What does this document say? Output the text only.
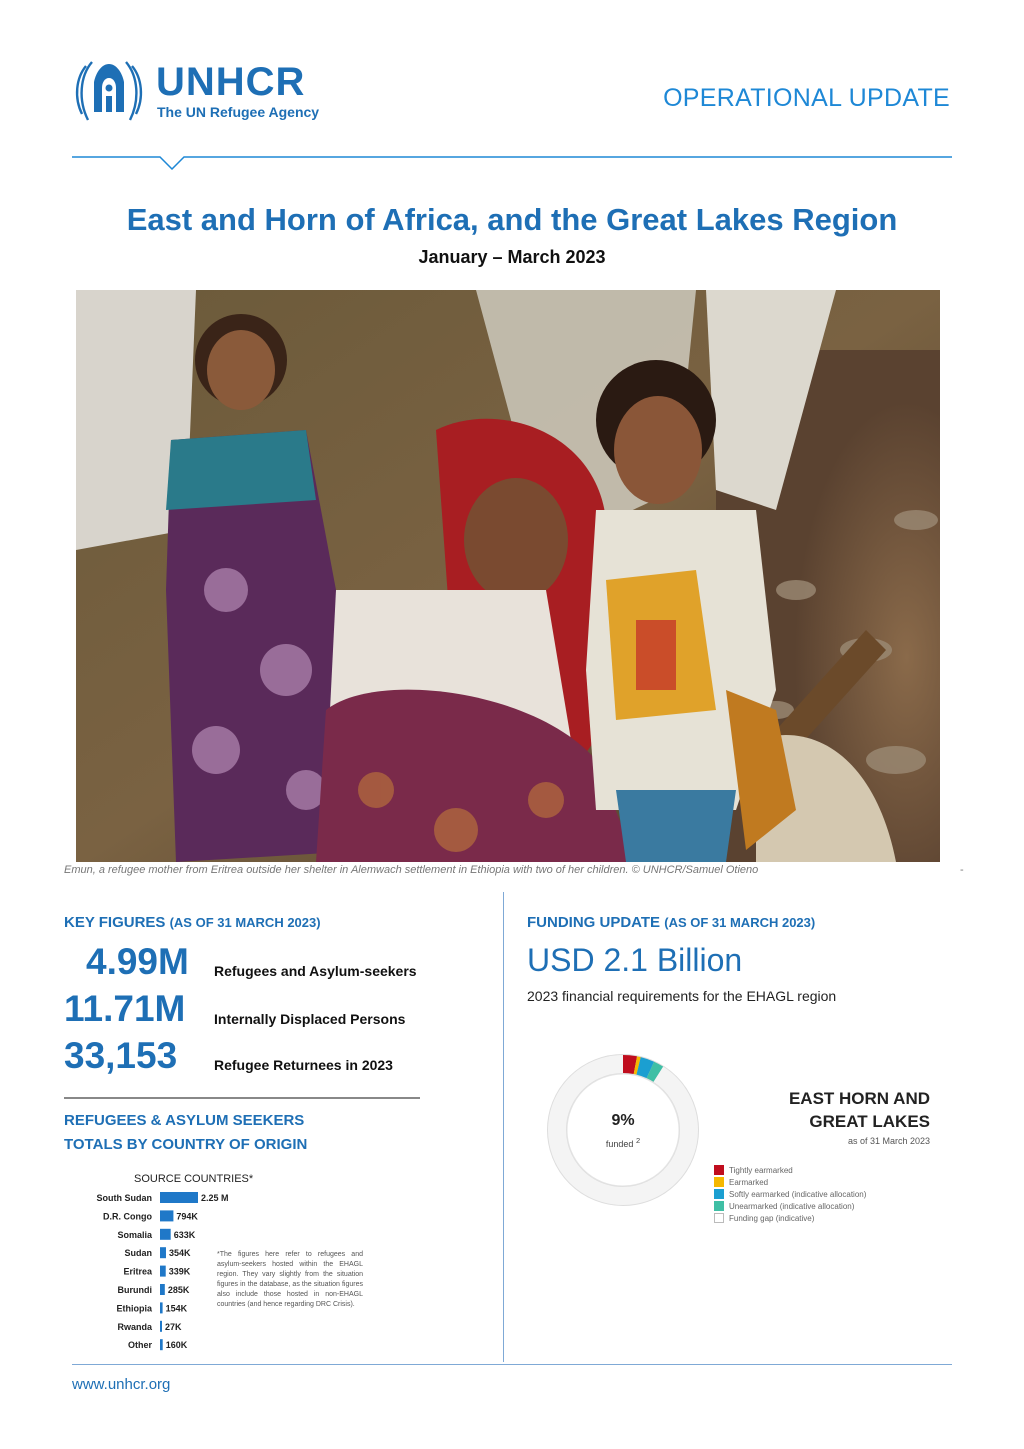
UNHCR
The UN Refugee Agency	OPERATIONAL UPDATE
East and Horn of Africa, and the Great Lakes Region
January – March 2023
Emun, a refugee mother from Eritrea outside her shelter in Alemwach settlement in Ethiopia with two of her children. © UNHCR/Samuel Otieno	-
KEY FIGURES (AS OF 31 MARCH 2023)
4.99M Refugees and Asylum-seekers
11.71M Internally Displaced Persons
33,153	Refugee Returnees in 2023
REFUGEES & ASYLUM SEEKERS
TOTALS BY COUNTRY OF ORIGIN
SOURCE COUNTRIES*
South Sudan	2.25 M
D.R. Congo	794K
Somalia 633K
Sudan 354K
Eritrea 339K
Burundi 285K
Ethiopia 154K
Rwanda 27K
Other 160K
*The figures here refer to refugees and asylum-seekers hosted within the EHAGL region. They vary slightly from the situation figures in the database, as the situation figures also include those hosted in non-EHAGL countries (and hence regarding DRC Crisis).
FUNDING UPDATE (AS OF 31 MARCH 2023)
USD 2.1 Billion
2023 financial requirements for the EHAGL region
9%
funded $^2$
EAST HORN AND
GREAT LAKES
as of 31 March 2023
Tightly earmarked
Earmarked
Softly earmarked (indicative allocation)
Unearmarked (indicative allocation)
Funding gap (indicative)
www.unhcr.org
